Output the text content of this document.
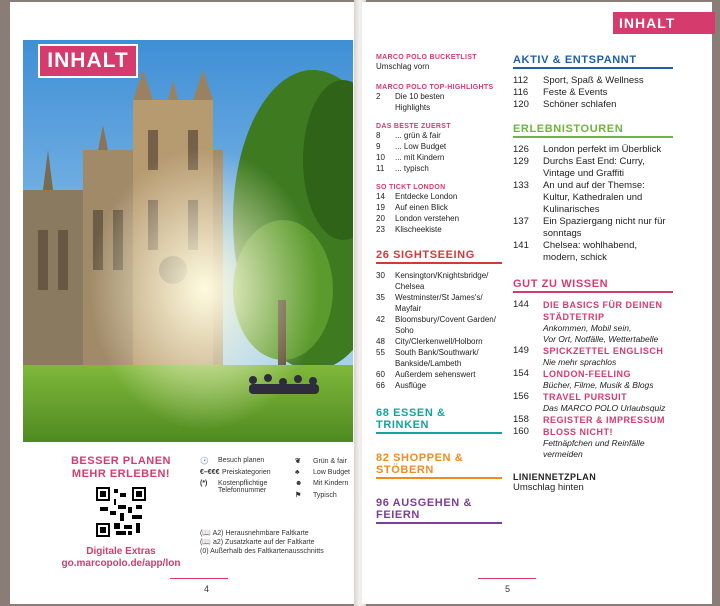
INHALT
BESSER PLANEN
MEHR ERLEBEN!
Digitale Extras
go.marcopolo.de/app/lon
🕑	Besuch planen
€–€€€ Preiskategorien
(*)	Kostenpflichtige Telefonnummer
❦ Grün & fair
♣ Low Budget
☻ Mit Kindern
⚑ Typisch
(📖 A2) Herausnehmbare Faltkarte
(📖 a2) Zusatzkarte auf der Faltkarte
(0) Außerhalb des Faltkartenausschnitts
4
INHALT
MARCO POLO BUCKETLIST
Umschlag vorn
MARCO POLO TOP-HIGHLIGHTS
2	Die 10 besten
Highlights
DAS BESTE ZUERST
8	... grün & fair
9	... Low Budget
10	... mit Kindern
11	... typisch
SO TICKT LONDON
14	Entdecke London
19	Auf einen Blick
20	London verstehen
23	Klischeekiste
26 SIGHTSEEING
30	Kensington/Knightsbridge/
Chelsea
35	Westminster/St James's/
Mayfair
42	Bloomsbury/Covent Garden/
Soho
48	City/Clerkenwell/Holborn
55	South Bank/Southwark/
Bankside/Lambeth
60	Außerdem sehenswert
66	Ausflüge
68 ESSEN & TRINKEN
82 SHOPPEN & STÖBERN
96 AUSGEHEN & FEIERN
AKTIV & ENTSPANNT
112	Sport, Spaß & Wellness
116	Feste & Events
120	Schöner schlafen
ERLEBNISTOUREN
126	London perfekt im Überblick
129	Durchs East End: Curry,
Vintage und Graffiti
133	An und auf der Themse:
Kultur, Kathedralen und
Kulinarisches
137	Ein Spaziergang nicht nur für
sonntags
141	Chelsea: wohlhabend,
modern, schick
GUT ZU WISSEN
144	DIE BASICS FÜR DEINEN
STÄDTETRIP
Ankommen, Mobil sein,
Vor Ort, Notfälle, Wettertabelle
149	SPICKZETTEL ENGLISCH
Nie mehr sprachlos
154	LONDON-FEELING
Bücher, Filme, Musik & Blogs
156	TRAVEL PURSUIT
Das MARCO POLO Urlaubsquiz
158	REGISTER & IMPRESSUM
160	BLOSS NICHT!
Fettnäpfchen und Reinfälle
vermeiden
LINIENNETZPLAN
Umschlag hinten
5
